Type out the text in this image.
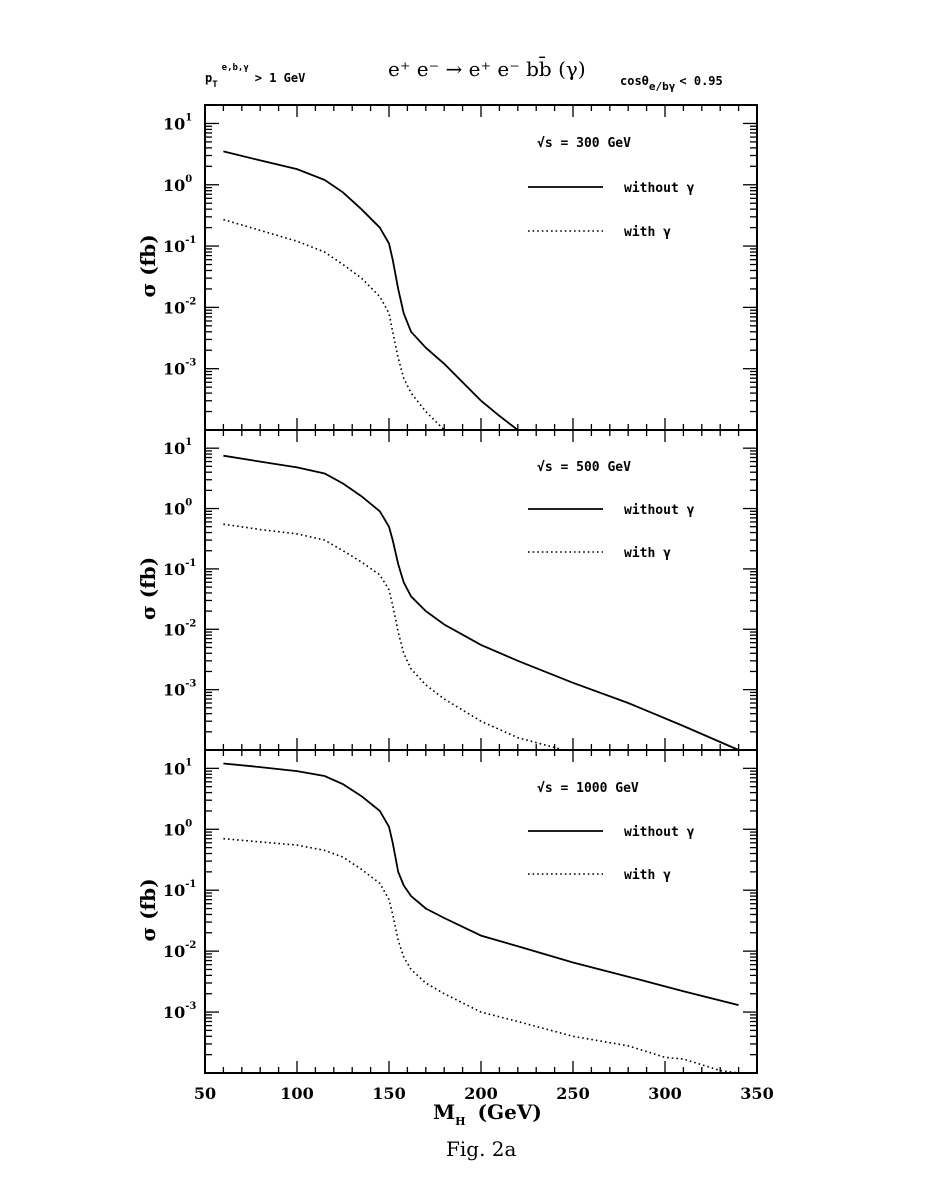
$p_T^{e,b,\gamma}> 1$ GeV	e⁺ e⁻ → e⁺ e⁻ bb̄ (γ)	cosθe/bγ < 0.95
$10^1$
$10^0$
$10^{-1}$
$10^{-2}$
$10^{-3}$
σ (fb)
√s = 300 GeV
without γ
with γ
$10^1$
$10^0$
$10^{-1}$
$10^{-2}$
$10^{-3}$
σ (fb)
√s = 500 GeV
without γ
with γ
$10^1$
$10^0$
$10^{-1}$
$10^{-2}$
$10^{-3}$
σ (fb)
√s = 1000 GeV
without γ
with γ
50	100	150	200	250	300	350
$M_H$ (GeV)
Fig. 2a
